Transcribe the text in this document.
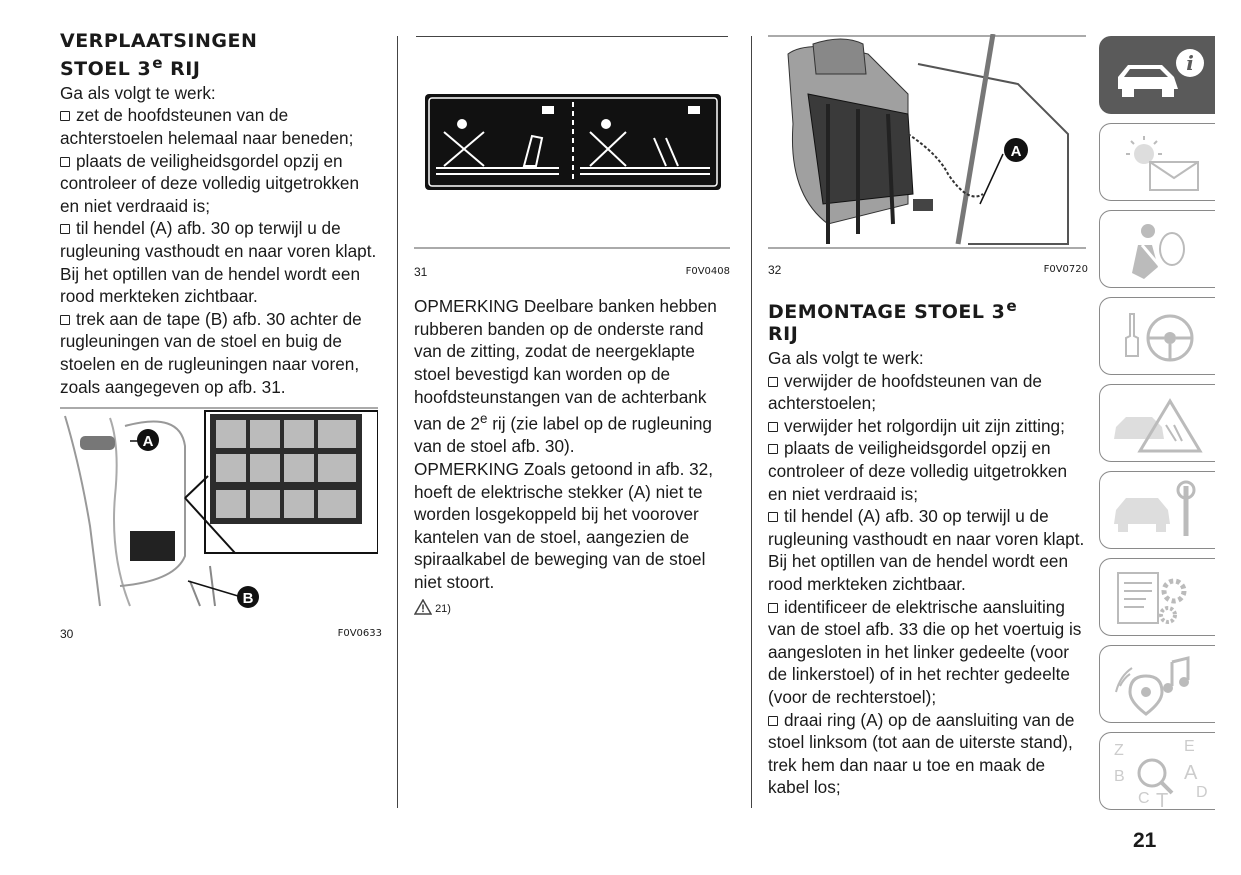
VERPLAATSINGEN
STOEL 3e RIJ

Ga als volgt te werk:

zet de hoofdsteunen van de achterstoelen helemaal naar beneden;

plaats de veiligheidsgordel opzij en controleer of deze volledig uitgetrokken en niet verdraaid is;

til hendel (A) afb. 30 op terwijl u de rugleuning vasthoudt en naar voren klapt. Bij het optillen van de hendel wordt een rood merkteken zichtbaar.

trek aan de tape (B) afb. 30 achter de rugleuningen van de stoel en buig de stoelen en de rugleuningen naar voren, zoals aangegeven op afb. 31.

A
B
30	F0V0633
31	F0V0408

OPMERKING Deelbare banken hebben rubberen banden op de onderste rand van de zitting, zodat de neergeklapte stoel bevestigd kan worden op de hoofdsteunstangen van de achterbank van de 2e rij (zie label op de rugleuning van de stoel afb. 30).

OPMERKING Zoals getoond in afb. 32, hoeft de elektrische stekker (A) niet te worden losgekoppeld bij het voorover kantelen van de stoel, aangezien de spiraalkabel de beweging van de stoel niet stoort.

21)

A
32	F0V0720
DEMONTAGE STOEL 3e
RIJ

Ga als volgt te werk:

verwijder de hoofdsteunen van de achterstoelen;

verwijder het rolgordijn uit zijn zitting;

plaats de veiligheidsgordel opzij en controleer of deze volledig uitgetrokken en niet verdraaid is;

til hendel (A) afb. 30 op terwijl u de rugleuning vasthoudt en naar voren klapt. Bij het optillen van de hendel wordt een rood merkteken zichtbaar.

identificeer de elektrische aansluiting van de stoel afb. 33 die op het voertuig is aangesloten in het linker gedeelte (voor de linkerstoel) of in het rechter gedeelte (voor de rechterstoel);

draai ring (A) op de aansluiting van de stoel linksom (tot aan de uiterste stand), trek hem dan naar u toe en maak de kabel los;

i
Z	E
B	A
C	D
T
21
